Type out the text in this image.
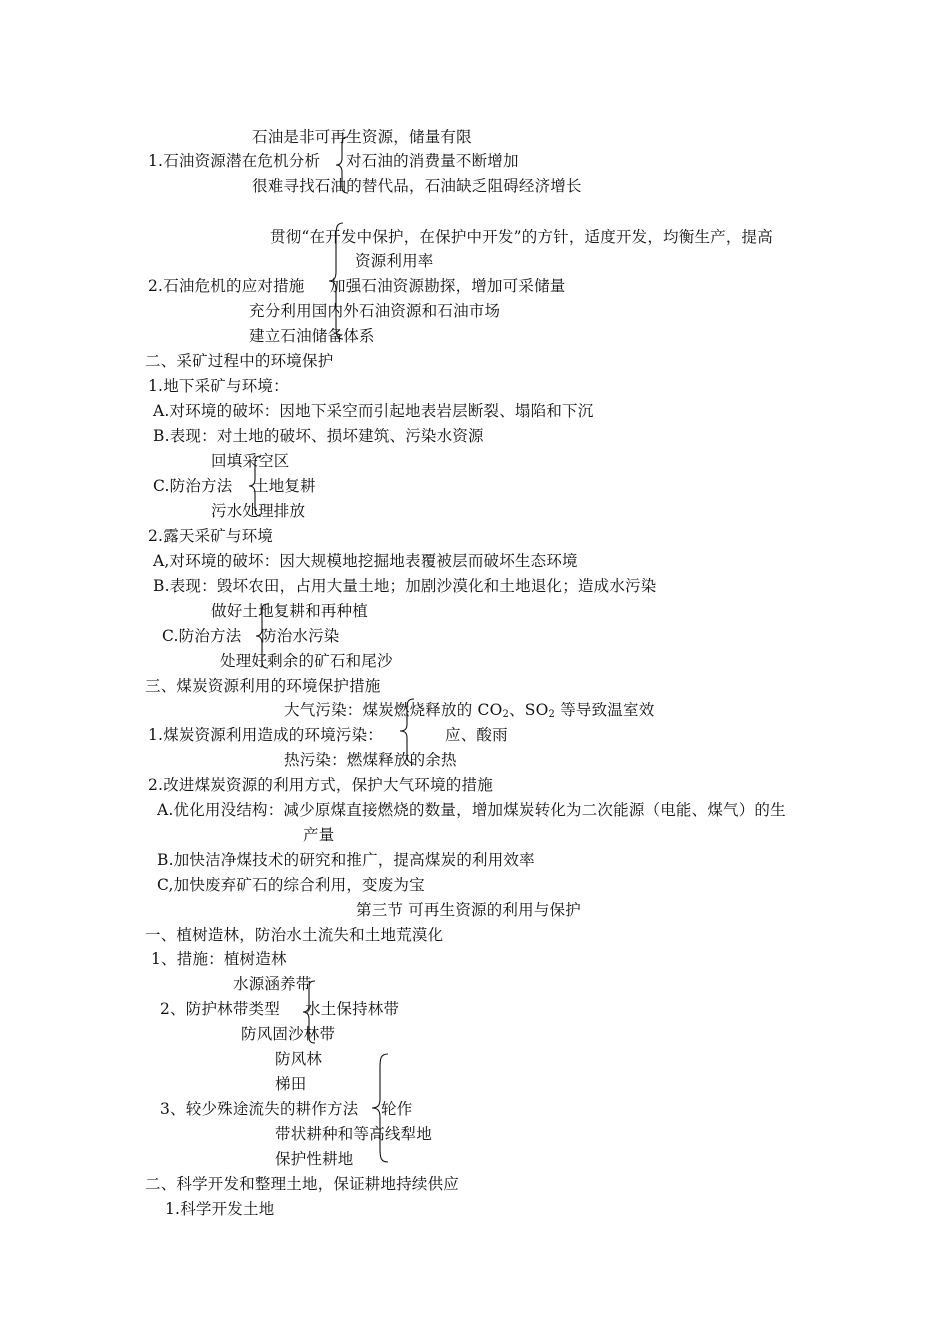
石油是非可再生资源，储量有限
1.石油资源潜在危机分析 对石油的消费量不断增加
很难寻找石油的替代品，石油缺乏阻碍经济增长
贯彻“在开发中保护，在保护中开发”的方针，适度开发，均衡生产，提高
资源利用率
2.石油危机的应对措施 加强石油资源勘探，增加可采储量
充分利用国内外石油资源和石油市场
建立石油储备体系
二、采矿过程中的环境保护
1.地下采矿与环境：
A.对环境的破坏：因地下采空而引起地表岩层断裂、塌陷和下沉
B.表现：对土地的破坏、损坏建筑、污染水资源
回填采空区
C.防治方法 土地复耕
污水处理排放
2.露天采矿与环境
A,对环境的破坏：因大规模地挖掘地表覆被层而破坏生态环境
B.表现：毁坏农田，占用大量土地；加剧沙漠化和土地退化；造成水污染
做好土地复耕和再种植
C.防治方法 防治水污染
处理好剩余的矿石和尾沙
三、煤炭资源利用的环境保护措施
大气污染：煤炭燃烧释放的 $CO_2$、$SO_2$ 等导致温室效
1.煤炭资源利用造成的环境污染：	应、酸雨
热污染：燃煤释放的余热
2.改进煤炭资源的利用方式，保护大气环境的措施
A.优化用没结构：减少原煤直接燃烧的数量，增加煤炭转化为二次能源（电能、煤气）的生
产量
B.加快洁净煤技术的研究和推广，提高煤炭的利用效率
C,加快废弃矿石的综合利用，变废为宝
第三节 可再生资源的利用与保护
一、植树造林，防治水土流失和土地荒漠化
1、措施：植树造林
水源涵养带
2、防护林带类型 水土保持林带
防风固沙林带
防风林
梯田
3、较少殊途流失的耕作方法 轮作
带状耕种和等高线犁地
保护性耕地
二、科学开发和整理土地，保证耕地持续供应
1.科学开发土地
